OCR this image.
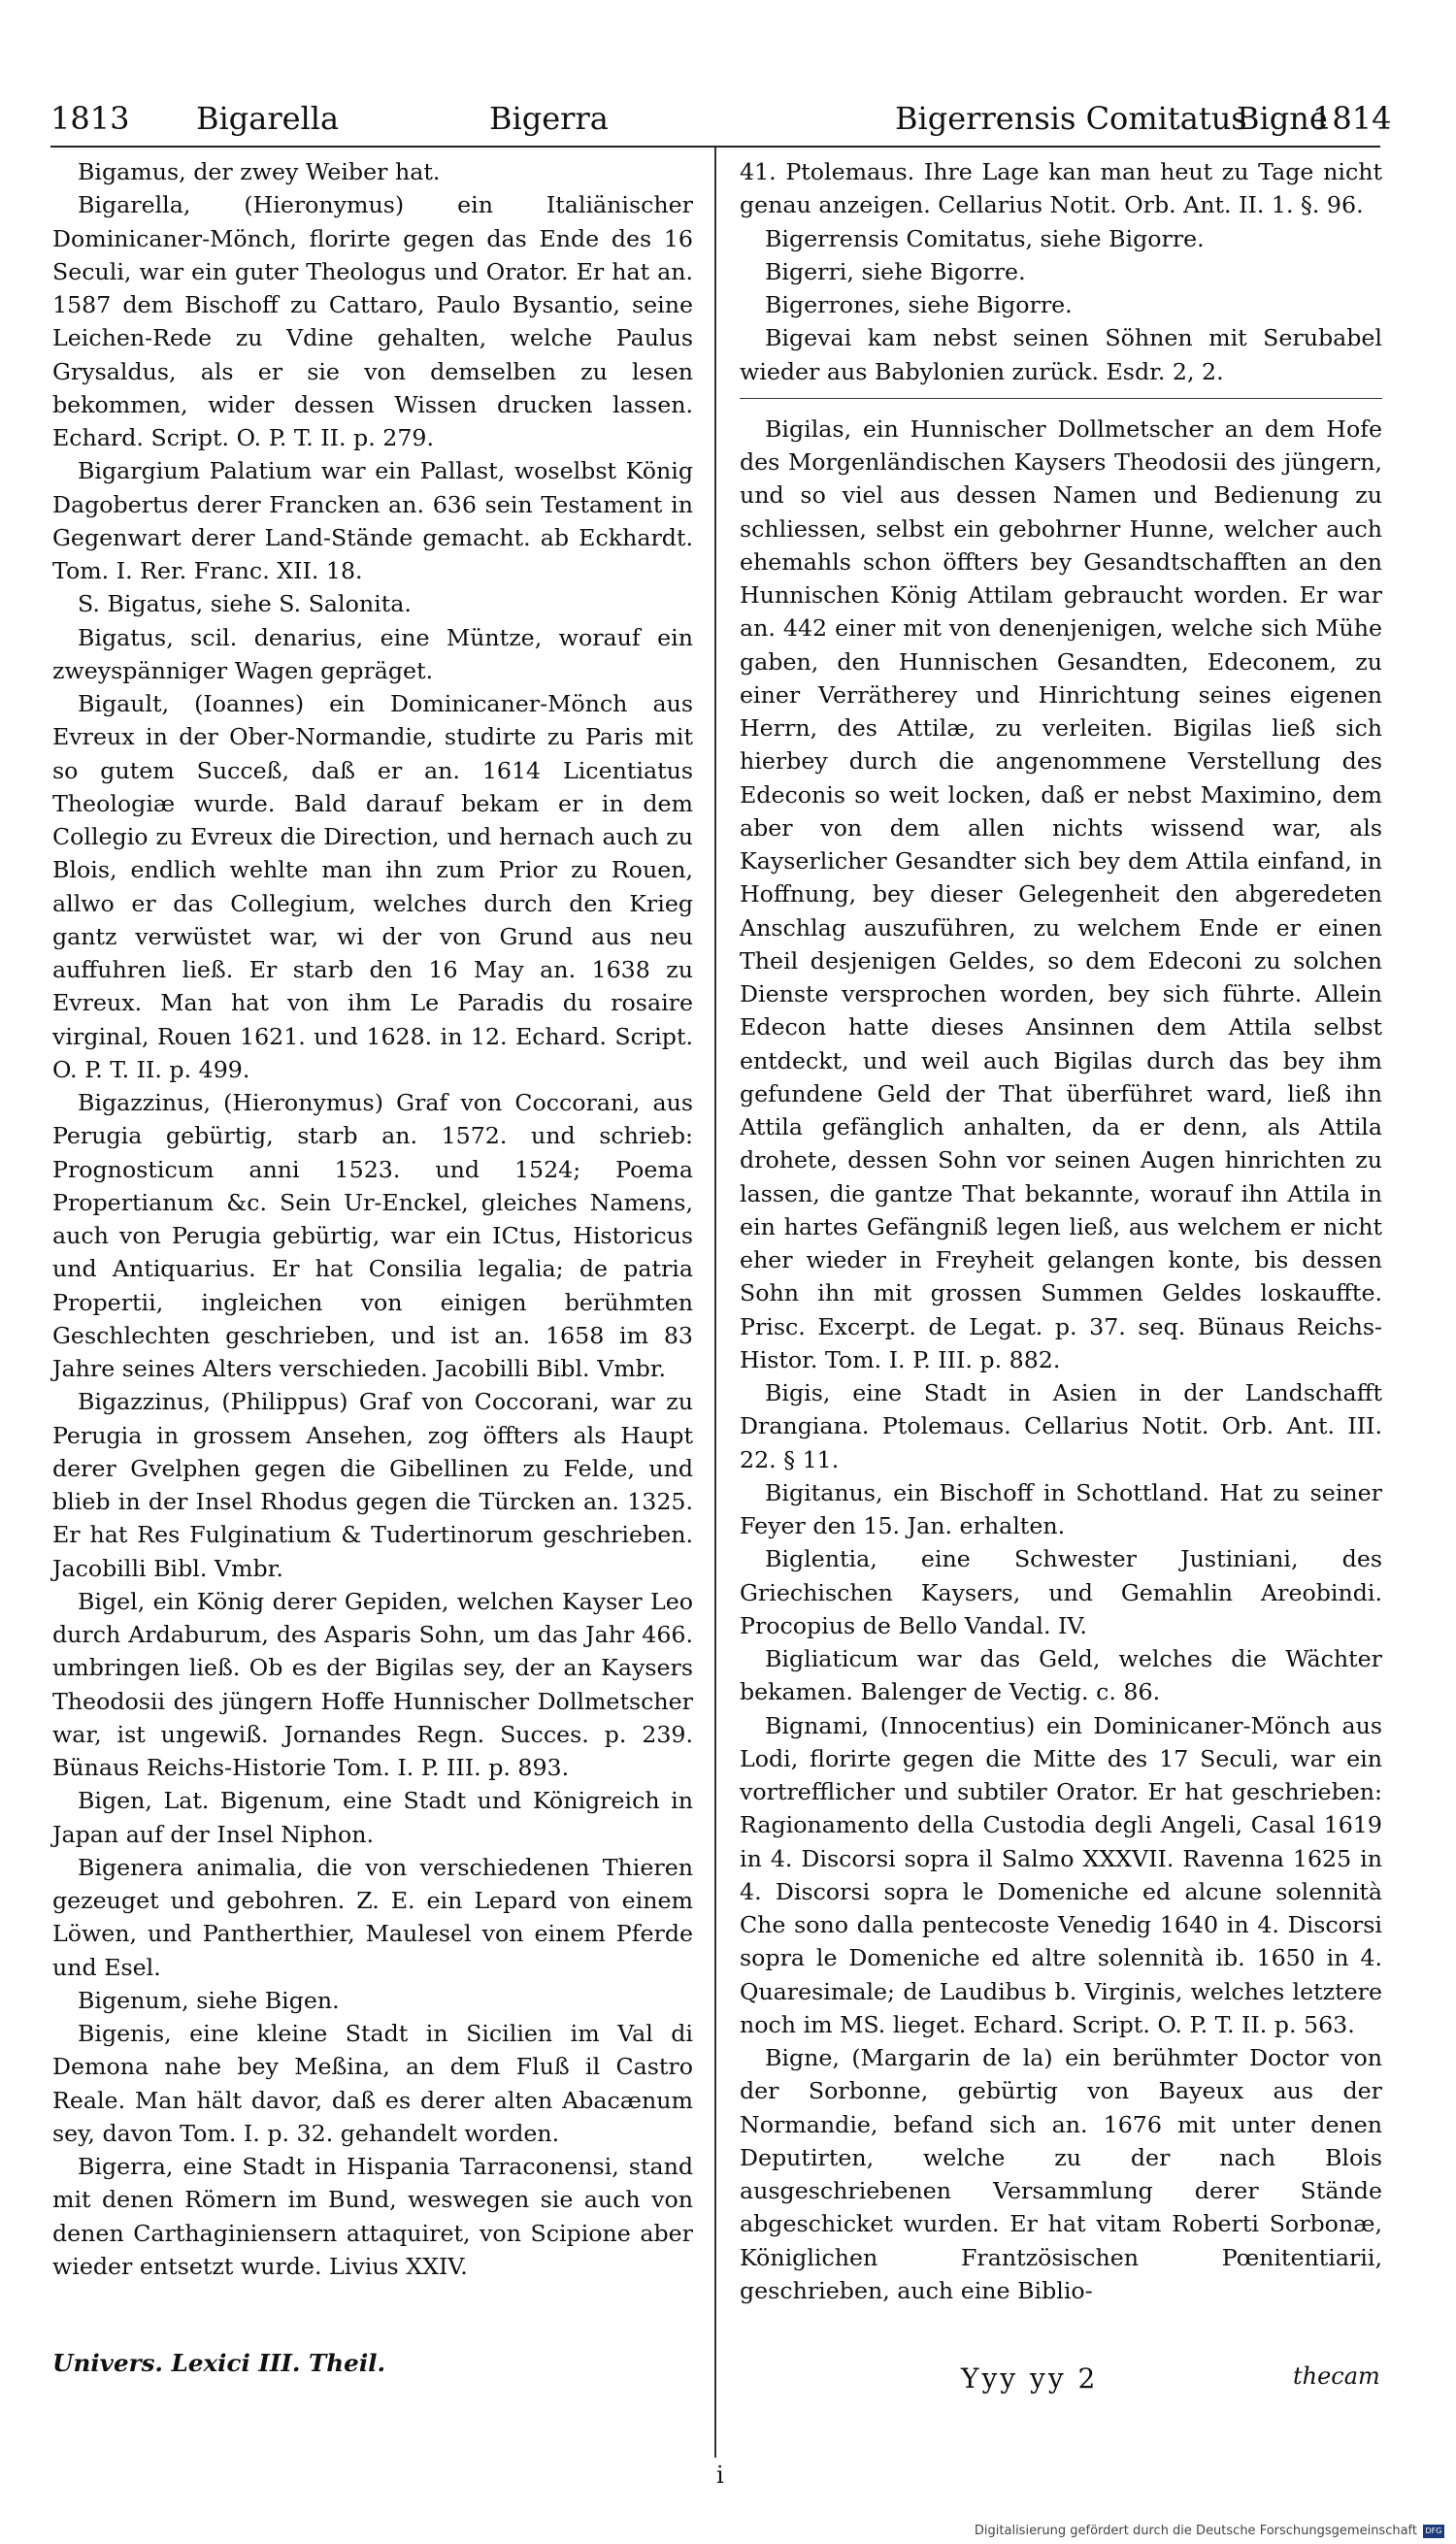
1813 Bigarella	Bigerra	Bigerrensis Comitatus
Bigne
1814

Bigamus, der zwey Weiber hat.

Bigarella, (Hieronymus) ein Italiänischer Dominicaner-Mönch, florirte gegen das Ende des 16 Seculi, war ein guter Theologus und Orator. Er hat an. 1587 dem Bischoff zu Cattaro, Paulo Bysantio, seine Leichen-Rede zu Vdine gehalten, welche Paulus Grysaldus, als er sie von demselben zu lesen bekommen, wider dessen Wissen drucken lassen. Echard. Script. O. P. T. II. p. 279.

Bigargium Palatium war ein Pallast, woselbst König Dagobertus derer Francken an. 636 sein Testament in Gegenwart derer Land-Stände gemacht. ab Eckhardt. Tom. I. Rer. Franc. XII. 18.

S. Bigatus, siehe S. Salonita.

Bigatus, scil. denarius, eine Müntze, worauf ein zweyspänniger Wagen gepräget.

Bigault, (Ioannes) ein Dominicaner-Mönch aus Evreux in der Ober-Normandie, studirte zu Paris mit so gutem Succeß, daß er an. 1614 Licentiatus Theologiæ wurde. Bald darauf bekam er in dem Collegio zu Evreux die Direction, und hernach auch zu Blois, endlich wehlte man ihn zum Prior zu Rouen, allwo er das Collegium, welches durch den Krieg gantz verwüstet war, wi der von Grund aus neu auffuhren ließ. Er starb den 16 May an. 1638 zu Evreux. Man hat von ihm Le Paradis du rosaire virginal, Rouen 1621. und 1628. in 12. Echard. Script. O. P. T. II. p. 499.

Bigazzinus, (Hieronymus) Graf von Coccorani, aus Perugia gebürtig, starb an. 1572. und schrieb: Prognosticum anni 1523. und 1524; Poema Propertianum &c. Sein Ur-Enckel, gleiches Namens, auch von Perugia gebürtig, war ein ICtus, Historicus und Antiquarius. Er hat Consilia legalia; de patria Propertii, ingleichen von einigen berühmten Geschlechten geschrieben, und ist an. 1658 im 83 Jahre seines Alters verschieden. Jacobilli Bibl. Vmbr.

Bigazzinus, (Philippus) Graf von Coccorani, war zu Perugia in grossem Ansehen, zog öffters als Haupt derer Gvelphen gegen die Gibellinen zu Felde, und blieb in der Insel Rhodus gegen die Türcken an. 1325. Er hat Res Fulginatium & Tudertinorum geschrieben. Jacobilli Bibl. Vmbr.

Bigel, ein König derer Gepiden, welchen Kayser Leo durch Ardaburum, des Asparis Sohn, um das Jahr 466. umbringen ließ. Ob es der Bigilas sey, der an Kaysers Theodosii des jüngern Hoffe Hunnischer Dollmetscher war, ist ungewiß. Jornandes Regn. Succes. p. 239. Bünaus Reichs-Historie Tom. I. P. III. p. 893.

Bigen, Lat. Bigenum, eine Stadt und Königreich in Japan auf der Insel Niphon.

Bigenera animalia, die von verschiedenen Thieren gezeuget und gebohren. Z. E. ein Lepard von einem Löwen, und Pantherthier, Maulesel von einem Pferde und Esel.

Bigenum, siehe Bigen.

Bigenis, eine kleine Stadt in Sicilien im Val di Demona nahe bey Meßina, an dem Fluß il Castro Reale. Man hält davor, daß es derer alten Abacænum sey, davon Tom. I. p. 32. gehandelt worden.

Bigerra, eine Stadt in Hispania Tarraconensi, stand mit denen Römern im Bund, weswegen sie auch von denen Carthaginiensern attaquiret, von Scipione aber wieder entsetzt wurde. Livius XXIV.

41. Ptolemaus. Ihre Lage kan man heut zu Tage nicht genau anzeigen. Cellarius Notit. Orb. Ant. II. 1. §. 96.

Bigerrensis Comitatus, siehe Bigorre.

Bigerri, siehe Bigorre.

Bigerrones, siehe Bigorre.

Bigevai kam nebst seinen Söhnen mit Serubabel wieder aus Babylonien zurück. Esdr. 2, 2.

Bigilas, ein Hunnischer Dollmetscher an dem Hofe des Morgenländischen Kaysers Theodosii des jüngern, und so viel aus dessen Namen und Bedienung zu schliessen, selbst ein gebohrner Hunne, welcher auch ehemahls schon öffters bey Gesandtschafften an den Hunnischen König Attilam gebraucht worden. Er war an. 442 einer mit von denenjenigen, welche sich Mühe gaben, den Hunnischen Gesandten, Edeconem, zu einer Verrätherey und Hinrichtung seines eigenen Herrn, des Attilæ, zu verleiten. Bigilas ließ sich hierbey durch die angenommene Verstellung des Edeconis so weit locken, daß er nebst Maximino, dem aber von dem allen nichts wissend war, als Kayserlicher Gesandter sich bey dem Attila einfand, in Hoffnung, bey dieser Gelegenheit den abgeredeten Anschlag auszuführen, zu welchem Ende er einen Theil desjenigen Geldes, so dem Edeconi zu solchen Dienste versprochen worden, bey sich führte. Allein Edecon hatte dieses Ansinnen dem Attila selbst entdeckt, und weil auch Bigilas durch das bey ihm gefundene Geld der That überführet ward, ließ ihn Attila gefänglich anhalten, da er denn, als Attila drohete, dessen Sohn vor seinen Augen hinrichten zu lassen, die gantze That bekannte, worauf ihn Attila in ein hartes Gefängniß legen ließ, aus welchem er nicht eher wieder in Freyheit gelangen konte, bis dessen Sohn ihn mit grossen Summen Geldes loskauffte. Prisc. Excerpt. de Legat. p. 37. seq. Bünaus Reichs-Histor. Tom. I. P. III. p. 882.

Bigis, eine Stadt in Asien in der Landschafft Drangiana. Ptolemaus. Cellarius Notit. Orb. Ant. III. 22. § 11.

Bigitanus, ein Bischoff in Schottland. Hat zu seiner Feyer den 15. Jan. erhalten.

Biglentia, eine Schwester Justiniani, des Griechischen Kaysers, und Gemahlin Areobindi. Procopius de Bello Vandal. IV.

Bigliaticum war das Geld, welches die Wächter bekamen. Balenger de Vectig. c. 86.

Bignami, (Innocentius) ein Dominicaner-Mönch aus Lodi, florirte gegen die Mitte des 17 Seculi, war ein vortrefflicher und subtiler Orator. Er hat geschrieben: Ragionamento della Custodia degli Angeli, Casal 1619 in 4. Discorsi sopra il Salmo XXXVII. Ravenna 1625 in 4. Discorsi sopra le Domeniche ed alcune solennità Che sono dalla pentecoste Venedig 1640 in 4. Discorsi sopra le Domeniche ed altre solennità ib. 1650 in 4. Quaresimale; de Laudibus b. Virginis, welches letztere noch im MS. lieget. Echard. Script. O. P. T. II. p. 563.

Bigne, (Margarin de la) ein berühmter Doctor von der Sorbonne, gebürtig von Bayeux aus der Normandie, befand sich an. 1676 mit unter denen Deputirten, welche zu der nach Blois ausgeschriebenen Versammlung derer Stände abgeschicket wurden. Er hat vitam Roberti Sorbonæ, Königlichen Frantzösischen Pœnitentiarii, geschrieben, auch eine Biblio-

Univers. Lexici III. Theil.	Yyy yy 2	thecam
i
Digitalisierung gefördert durch die Deutsche Forschungsgemeinschaft	DFG
